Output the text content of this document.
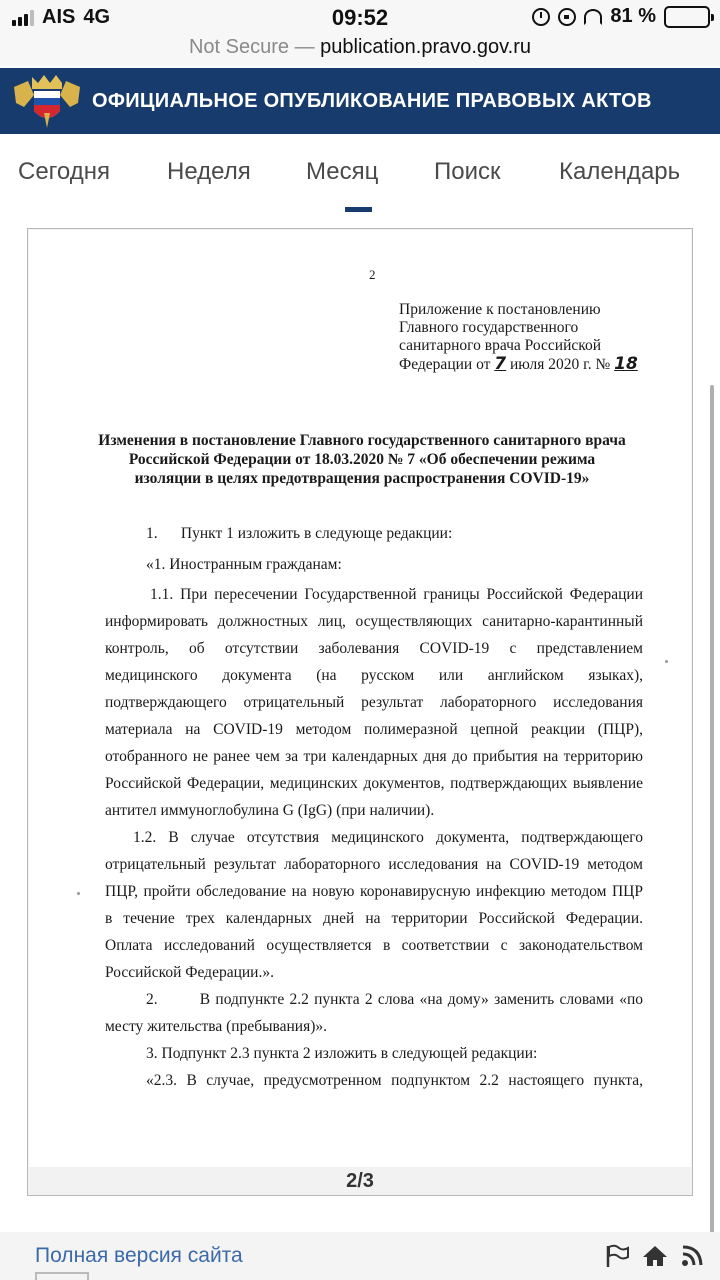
AIS 4G	09:52	81 %
Not Secure — publication.pravo.gov.ru
ОФИЦИАЛЬНОЕ ОПУБЛИКОВАНИЕ ПРАВОВЫХ АКТОВ
Сегодня Неделя Месяц Поиск Календарь
2
Приложение к постановлению
Главного государственного
санитарного врача Российской
Федерации от 7 июля 2020 г. № 18
Изменения в постановление Главного государственного санитарного врача
Российской Федерации от 18.03.2020 № 7 «Об обеспечении режима
изоляции в целях предотвращения распространения COVID-19»
1.      Пункт 1 изложить в следующе редакции:
«1. Иностранным гражданам:
1.1. При пересечении Государственной границы Российской Федерации
информировать должностных лиц, осуществляющих санитарно-карантинный
контроль, об отсутствии заболевания COVID-19 с представлением
медицинского документа (на русском или английском языках),
подтверждающего отрицательный результат лабораторного исследования
материала на COVID-19 методом полимеразной цепной реакции (ПЦР),
отобранного не ранее чем за три календарных дня до прибытия на территорию
Российской Федерации, медицинских документов, подтверждающих выявление
антител иммуноглобулина G (IgG) (при наличии).
1.2. В случае отсутствия медицинского документа, подтверждающего
отрицательный результат лабораторного исследования на COVID-19 методом
ПЦР, пройти обследование на новую коронавирусную инфекцию методом ПЦР
в течение трех календарных дней на территории Российской Федерации.
Оплата исследований осуществляется в соответствии с законодательством
Российской Федерации.».
2.        В подпункте 2.2 пункта 2 слова «на дому» заменить словами «по
месту жительства (пребывания)».
3. Подпункт 2.3 пункта 2 изложить в следующей редакции:
«2.3. В случае, предусмотренном подпунктом 2.2 настоящего пункта,
2/3
Полная версия сайта
